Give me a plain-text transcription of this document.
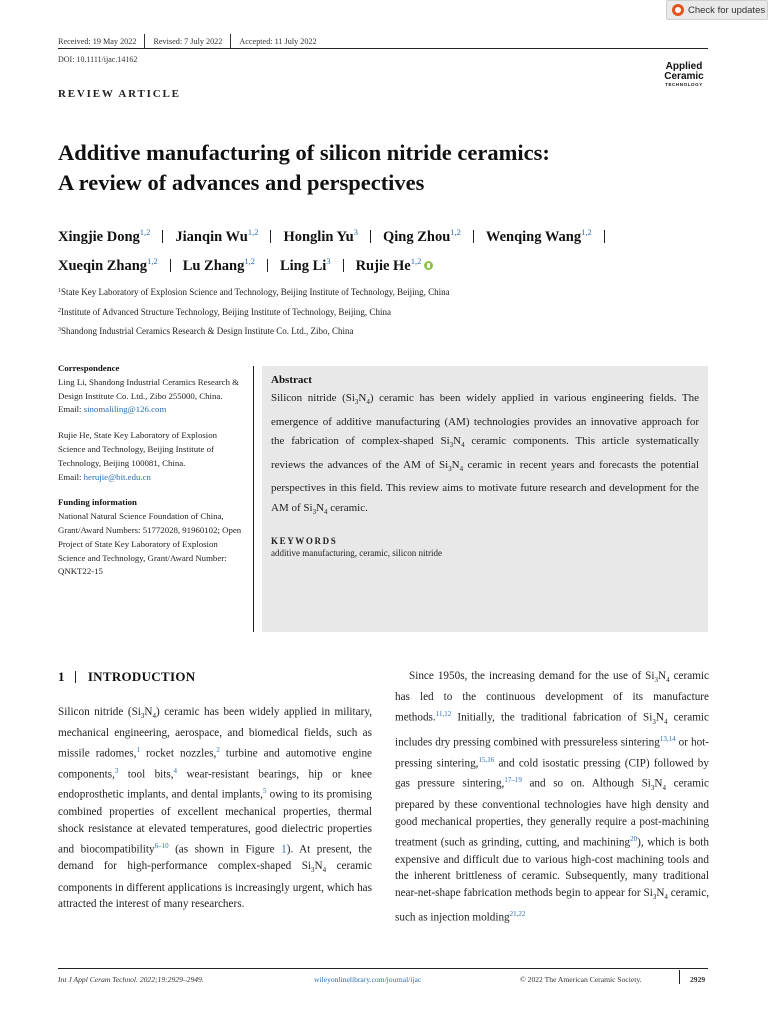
Check for updates
Received: 19 May 2022	Revised: 7 July 2022	Accepted: 11 July 2022
DOI: 10.1111/ijac.14162
REVIEW ARTICLE
Applied
Ceramic
TECHNOLOGY
Additive manufacturing of silicon nitride ceramics:
A review of advances and perspectives
Xingjie Dong$^{1,2}$ Jianqin Wu$^{1,2}$ Honglin Yu$^3$ Qing Zhou$^{1,2}$ Wenqing Wang$^{1,2}$
Xueqin Zhang$^{1,2}$ Lu Zhang$^{1,2}$ Ling Li$^3$ Rujie He$^{1,2}$
$^1$State Key Laboratory of Explosion Science and Technology, Beijing Institute of Technology, Beijing, China
$^2$Institute of Advanced Structure Technology, Beijing Institute of Technology, Beijing, China
$^3$Shandong Industrial Ceramics Research & Design Institute Co. Ltd., Zibo, China
Correspondence

Ling Li, Shandong Industrial Ceramics Research & Design Institute Co. Ltd., Zibo 255000, China.
Email: sinomaliling@126.com

Rujie He, State Key Laboratory of Explosion Science and Technology, Beijing Institute of Technology, Beijing 100081, China.
Email: herujie@bit.edu.cn

Funding information
National Natural Science Foundation of China, Grant/Award Numbers: 51772028, 91960102; Open Project of State Key Laboratory of Explosion Science and Technology, Grant/Award Number: QNKT22-15
Abstract
Silicon nitride $(Si_3N_4)$ ceramic has been widely applied in various engineering fields. The emergence of additive manufacturing (AM) technologies provides an innovative approach for the fabrication of complex-shaped $Si_3N_4$ ceramic components. This article systematically reviews the advances of the AM of $Si_3N_4$ ceramic in recent years and forecasts the potential perspectives in this field. This review aims to motivate future research and development for the AM of $Si_3N_4$ ceramic.
KEYWORDS
additive manufacturing, ceramic, silicon nitride
1 INTRODUCTION
Silicon nitride $(Si_3N_4)$ ceramic has been widely applied in military, mechanical engineering, aerospace, and biomedical fields, such as missile radomes,$^1$ rocket nozzles,$^2$ turbine and automotive engine components,$^3$ tool bits,$^4$ wear-resistant bearings, hip or knee endoprosthetic implants, and dental implants,$^5$ owing to its promising combined properties of excellent mechanical properties, thermal shock resistance at elevated temperatures, good dielectric properties and biocompatibility$^{6-10}$ (as shown in Figure 1). At present, the demand for high-performance complex-shaped $Si_3N_4$ ceramic components in different applications is increasingly urgent, which has attracted the interest of many researchers.
Since 1950s, the increasing demand for the use of $Si_3N_4$ ceramic has led to the continuous development of its manufacture methods.$^{11,12}$ Initially, the traditional fabrication of $Si_3N_4$ ceramic includes dry pressing combined with pressureless sintering$^{13,14}$ or hot-pressing sintering,$^{15,16}$ and cold isostatic pressing (CIP) followed by gas pressure sintering,$^{17-19}$ and so on. Although $Si_3N_4$ ceramic prepared by these conventional technologies have high density and good mechanical properties, they generally require a post-machining treatment (such as grinding, cutting, and machining$^{20}$), which is both expensive and difficult due to various high-cost machining tools and the inherent brittleness of ceramic. Subsequently, many traditional near-net-shape fabrication methods begin to appear for $Si_3N_4$ ceramic, such as injection molding$^{21,22}$
Int J Appl Ceram Technol. 2022;19:2929–2949.	wileyonlinelibrary.com/journal/ijac	© 2022 The American Ceramic Society.	2929
